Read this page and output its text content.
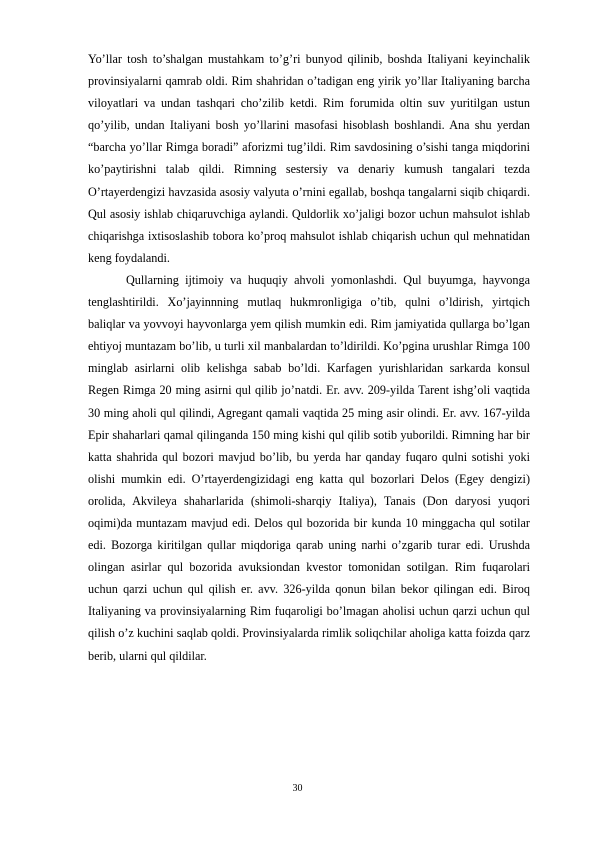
Yo’llar tosh to’shalgan mustahkam to’g’ri bunyod qilinib, boshda Italiyani keyinchalik provinsiyalarni qamrab oldi. Rim shahridan o’tadigan eng yirik yo’llar Italiyaning barcha viloyatlari va undan tashqari cho’zilib ketdi. Rim forumida oltin suv yuritilgan ustun qo’yilib, undan Italiyani bosh yo’llarini masofasi hisoblash boshlandi. Ana shu yerdan “barcha yo’llar Rimga boradi” aforizmi tug’ildi. Rim savdosining o’sishi tanga miqdorini ko’paytirishni talab qildi. Rimning sestersiy va denariy kumush tangalari tezda O’rtayerdengizi havzasida asosiy valyuta o’rnini egallab, boshqa tangalarni siqib chiqardi. Qul asosiy ishlab chiqaruvchiga aylandi. Quldorlik xo’jaligi bozor uchun mahsulot ishlab chiqarishga ixtisoslashib tobora ko’proq mahsulot ishlab chiqarish uchun qul mehnatidan keng foydalandi.

Qullarning ijtimoiy va huquqiy ahvoli yomonlashdi. Qul buyumga, hayvonga tenglashtirildi. Xo’jayinnning mutlaq hukmronligiga o’tib, qulni o’ldirish, yirtqich baliqlar va yovvoyi hayvonlarga yem qilish mumkin edi. Rim jamiyatida qullarga bo’lgan ehtiyoj muntazam bo’lib, u turli xil manbalardan to’ldirildi. Ko’pgina urushlar Rimga 100 minglab asirlarni olib kelishga sabab bo’ldi. Karfagen yurishlaridan sarkarda konsul Regen Rimga 20 ming asirni qul qilib jo’natdi. Er. avv. 209-yilda Tarent ishg’oli vaqtida 30 ming aholi qul qilindi, Agregant qamali vaqtida 25 ming asir olindi. Er. avv. 167-yilda Epir shaharlari qamal qilinganda 150 ming kishi qul qilib sotib yuborildi. Rimning har bir katta shahrida qul bozori mavjud bo’lib, bu yerda har qanday fuqaro qulni sotishi yoki olishi mumkin edi. O’rtayerdengizidagi eng katta qul bozorlari Delos (Egey dengizi) orolida, Akvileya shaharlarida (shimoli-sharqiy Italiya), Tanais (Don daryosi yuqori oqimi)da muntazam mavjud edi. Delos qul bozorida bir kunda 10 minggacha qul sotilar edi. Bozorga kiritilgan qullar miqdoriga qarab uning narhi o’zgarib turar edi. Urushda olingan asirlar qul bozorida avuksiondan kvestor tomonidan sotilgan. Rim fuqarolari uchun qarzi uchun qul qilish er. avv. 326-yilda qonun bilan bekor qilingan edi. Biroq Italiyaning va provinsiyalarning Rim fuqaroligi bo’lmagan aholisi uchun qarzi uchun qul qilish o’z kuchini saqlab qoldi. Provinsiyalarda rimlik soliqchilar aholiga katta foizda qarz berib, ularni qul qildilar.

30
